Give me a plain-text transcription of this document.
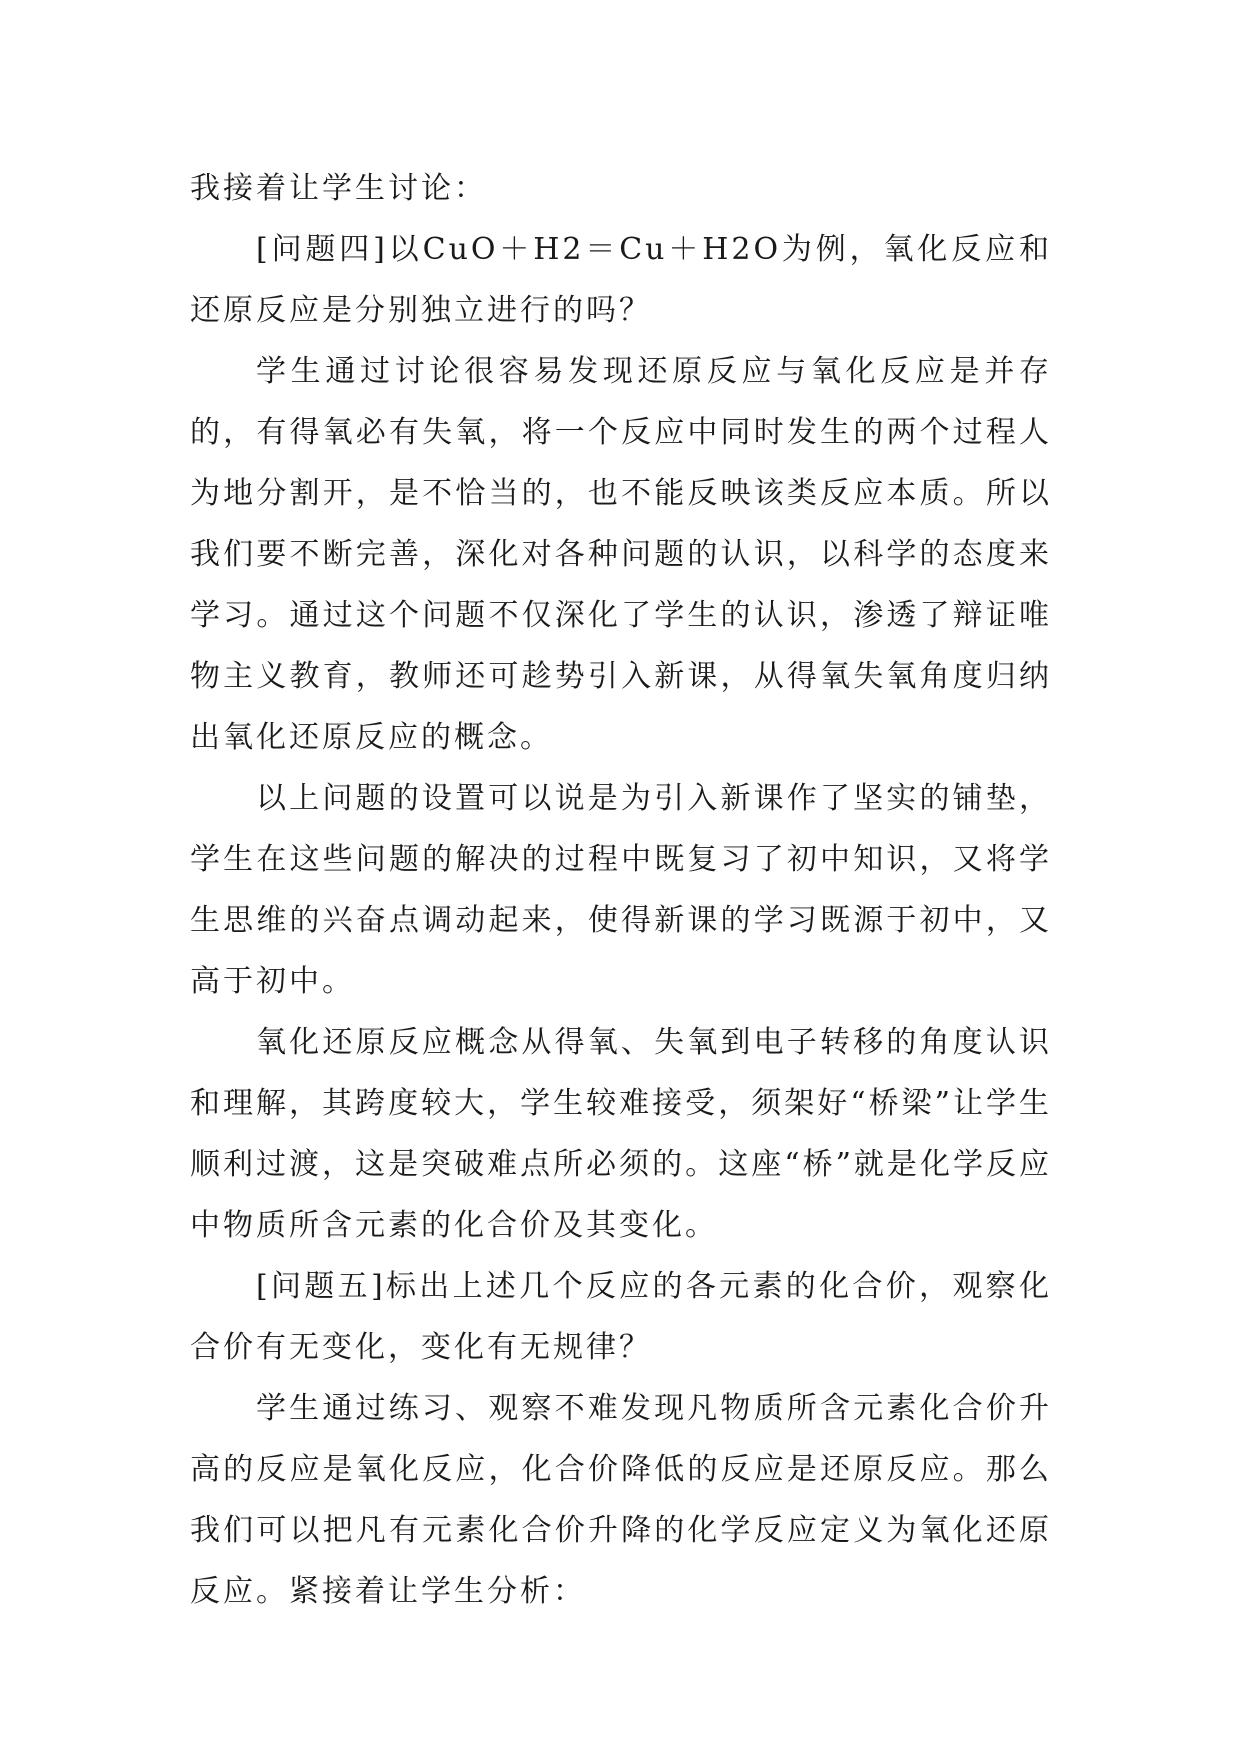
我接着让学生讨论：

[问题四]以CuO＋H2＝Cu＋H2O为例，氧化反应和还原反应是分别独立进行的吗？

学生通过讨论很容易发现还原反应与氧化反应是并存的，有得氧必有失氧，将一个反应中同时发生的两个过程人为地分割开，是不恰当的，也不能反映该类反应本质。所以我们要不断完善，深化对各种问题的认识，以科学的态度来学习。通过这个问题不仅深化了学生的认识，渗透了辩证唯物主义教育，教师还可趁势引入新课，从得氧失氧角度归纳出氧化还原反应的概念。

以上问题的设置可以说是为引入新课作了坚实的铺垫，学生在这些问题的解决的过程中既复习了初中知识，又将学生思维的兴奋点调动起来，使得新课的学习既源于初中，又高于初中。

氧化还原反应概念从得氧、失氧到电子转移的角度认识和理解，其跨度较大，学生较难接受，须架好“桥梁”让学生顺利过渡，这是突破难点所必须的。这座“桥”就是化学反应中物质所含元素的化合价及其变化。

[问题五]标出上述几个反应的各元素的化合价，观察化合价有无变化，变化有无规律？

学生通过练习、观察不难发现凡物质所含元素化合价升高的反应是氧化反应，化合价降低的反应是还原反应。那么我们可以把凡有元素化合价升降的化学反应定义为氧化还原反应。紧接着让学生分析：
